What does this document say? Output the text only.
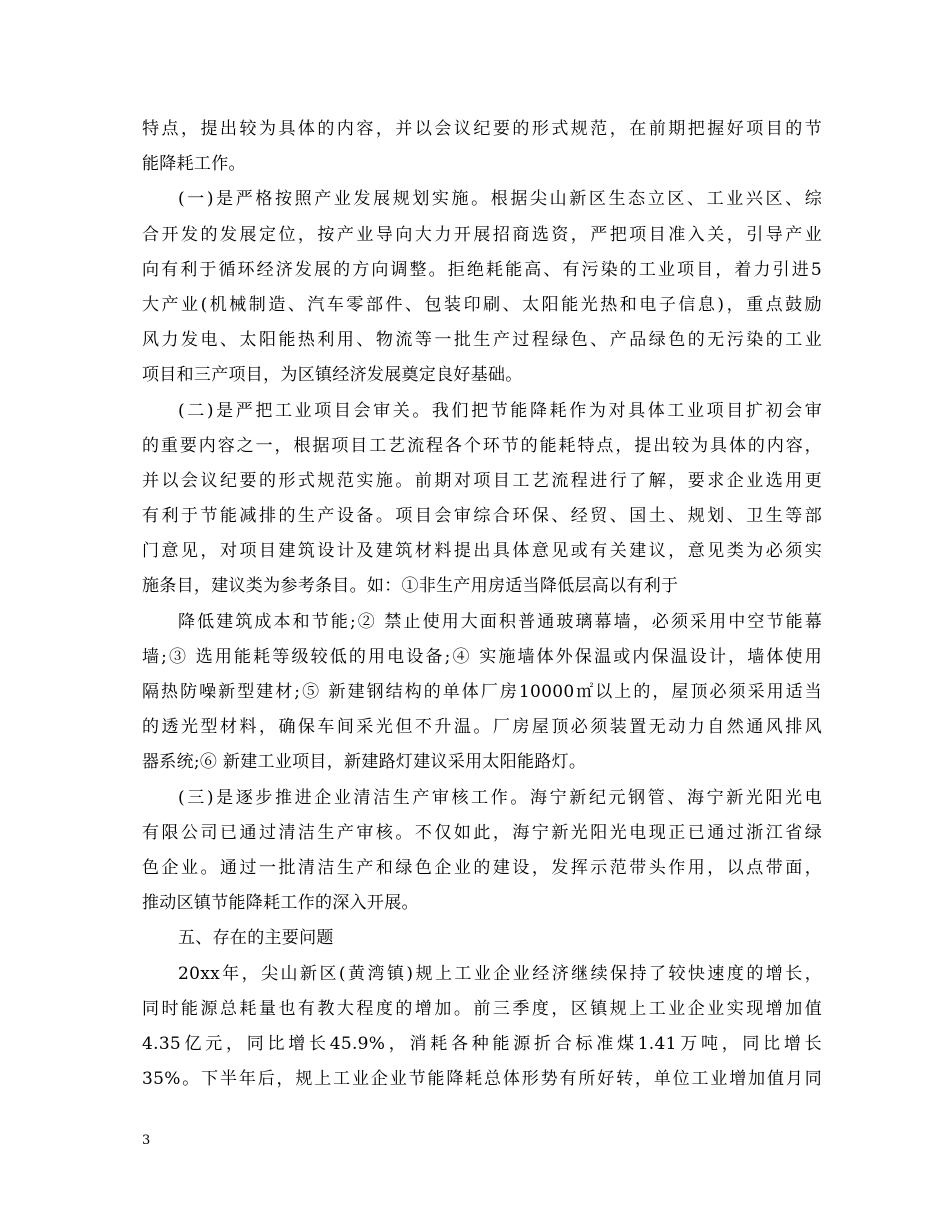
特点，提出较为具体的内容，并以会议纪要的形式规范，在前期把握好项目的节
能降耗工作。
(一)是严格按照产业发展规划实施。根据尖山新区生态立区、工业兴区、综
合开发的发展定位，按产业导向大力开展招商选资，严把项目准入关，引导产业
向有利于循环经济发展的方向调整。拒绝耗能高、有污染的工业项目，着力引进5
大产业(机械制造、汽车零部件、包装印刷、太阳能光热和电子信息)，重点鼓励
风力发电、太阳能热利用、物流等一批生产过程绿色、产品绿色的无污染的工业
项目和三产项目，为区镇经济发展奠定良好基础。
(二)是严把工业项目会审关。我们把节能降耗作为对具体工业项目扩初会审
的重要内容之一，根据项目工艺流程各个环节的能耗特点，提出较为具体的内容，
并以会议纪要的形式规范实施。前期对项目工艺流程进行了解，要求企业选用更
有利于节能减排的生产设备。项目会审综合环保、经贸、国土、规划、卫生等部
门意见，对项目建筑设计及建筑材料提出具体意见或有关建议，意见类为必须实
施条目，建议类为参考条目。如：①非生产用房适当降低层高以有利于
降低建筑成本和节能;② 禁止使用大面积普通玻璃幕墙，必须采用中空节能幕
墙;③ 选用能耗等级较低的用电设备;④ 实施墙体外保温或内保温设计，墙体使用
隔热防噪新型建材;⑤ 新建钢结构的单体厂房10000㎡以上的，屋顶必须采用适当
的透光型材料，确保车间采光但不升温。厂房屋顶必须装置无动力自然通风排风
器系统;⑥ 新建工业项目，新建路灯建议采用太阳能路灯。
(三)是逐步推进企业清洁生产审核工作。海宁新纪元钢管、海宁新光阳光电
有限公司已通过清洁生产审核。不仅如此，海宁新光阳光电现正已通过浙江省绿
色企业。通过一批清洁生产和绿色企业的建设，发挥示范带头作用，以点带面，
推动区镇节能降耗工作的深入开展。
五、存在的主要问题
20xx年，尖山新区(黄湾镇)规上工业企业经济继续保持了较快速度的增长，
同时能源总耗量也有教大程度的增加。前三季度，区镇规上工业企业实现增加值
4.35亿元，同比增长45.9%，消耗各种能源折合标准煤1.41万吨，同比增长
35%。下半年后，规上工业企业节能降耗总体形势有所好转，单位工业增加值月同
3
